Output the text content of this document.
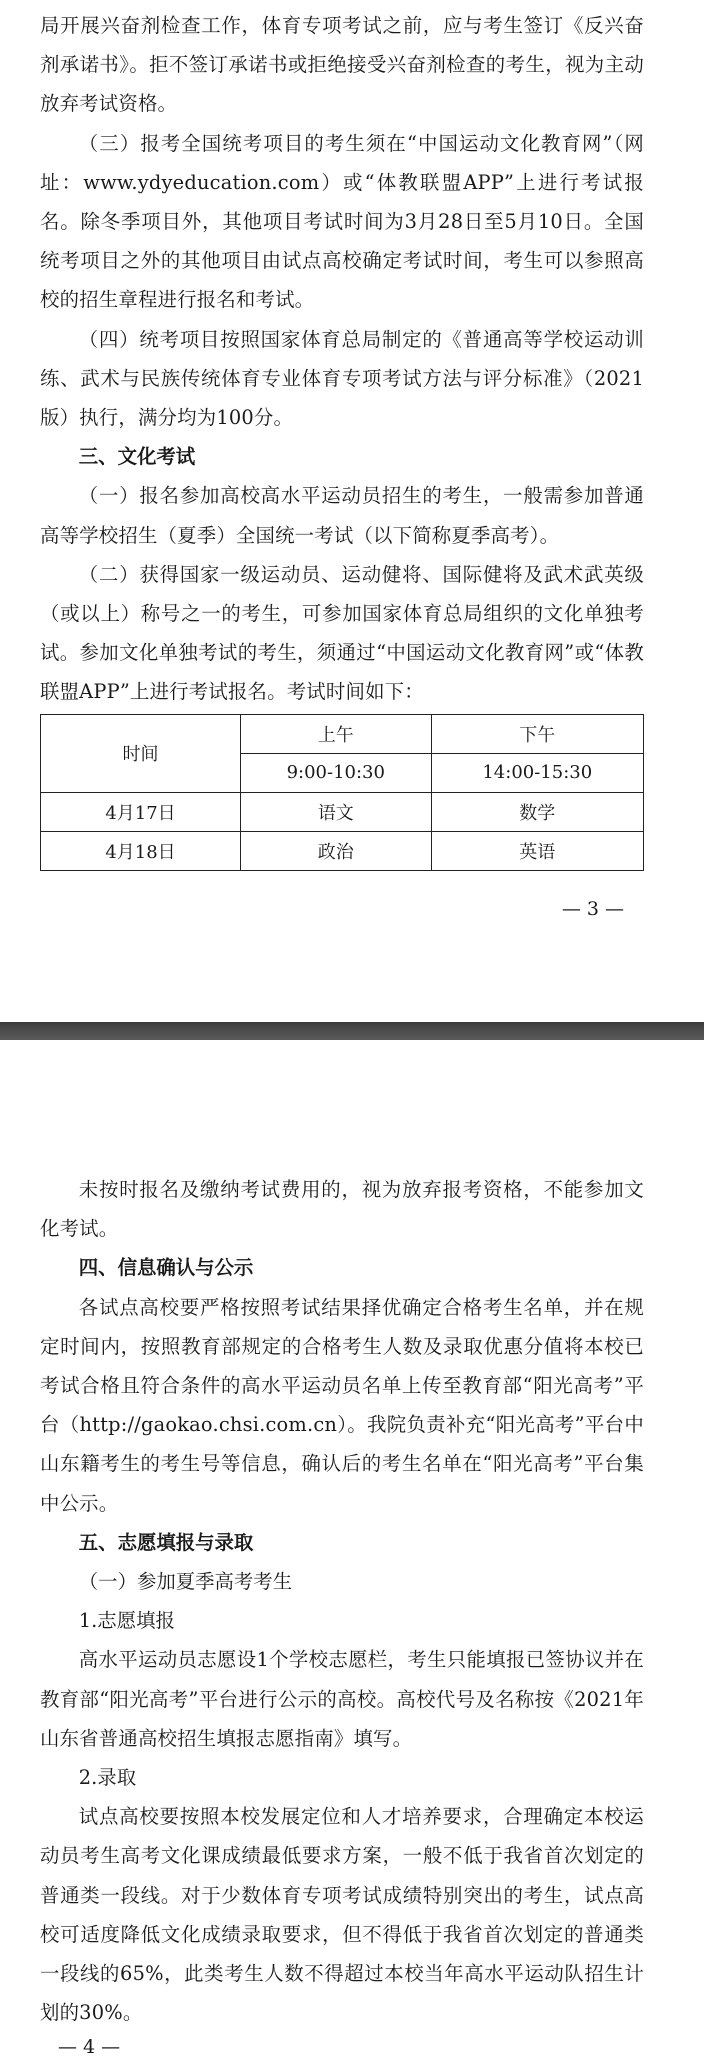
局开展兴奋剂检查工作，体育专项考试之前，应与考生签订《反兴奋剂承诺书》。拒不签订承诺书或拒绝接受兴奋剂检查的考生，视为主动放弃考试资格。

（三）报考全国统考项目的考生须在“中国运动文化教育网”（网址：www.ydyeducation.com）或“体教联盟APP”上进行考试报名。除冬季项目外，其他项目考试时间为3月28日至5月10日。全国统考项目之外的其他项目由试点高校确定考试时间，考生可以参照高校的招生章程进行报名和考试。

（四）统考项目按照国家体育总局制定的《普通高等学校运动训练、武术与民族传统体育专业体育专项考试方法与评分标准》（2021版）执行，满分均为100分。

三、文化考试

（一）报名参加高校高水平运动员招生的考生，一般需参加普通高等学校招生（夏季）全国统一考试（以下简称夏季高考）。

（二）获得国家一级运动员、运动健将、国际健将及武术武英级（或以上）称号之一的考生，可参加国家体育总局组织的文化单独考试。参加文化单独考试的考生，须通过“中国运动文化教育网”或“体教联盟APP”上进行考试报名。考试时间如下：

时间	上午	下午
	9:00-10:30	14:00-15:30
4月17日	语文	数学
4月18日	政治	英语
— 3 —

未按时报名及缴纳考试费用的，视为放弃报考资格，不能参加文化考试。

四、信息确认与公示

各试点高校要严格按照考试结果择优确定合格考生名单，并在规定时间内，按照教育部规定的合格考生人数及录取优惠分值将本校已考试合格且符合条件的高水平运动员名单上传至教育部“阳光高考”平台（http://gaokao.chsi.com.cn）。我院负责补充“阳光高考”平台中山东籍考生的考生号等信息，确认后的考生名单在“阳光高考”平台集中公示。

五、志愿填报与录取

（一）参加夏季高考考生

1.志愿填报

高水平运动员志愿设1个学校志愿栏，考生只能填报已签协议并在教育部“阳光高考”平台进行公示的高校。高校代号及名称按《2021年山东省普通高校招生填报志愿指南》填写。

2.录取

试点高校要按照本校发展定位和人才培养要求，合理确定本校运动员考生高考文化课成绩最低要求方案，一般不低于我省首次划定的普通类一段线。对于少数体育专项考试成绩特别突出的考生，试点高校可适度降低文化成绩录取要求，但不得低于我省首次划定的普通类一段线的65%，此类考生人数不得超过本校当年高水平运动队招生计划的30%。

— 4 —
